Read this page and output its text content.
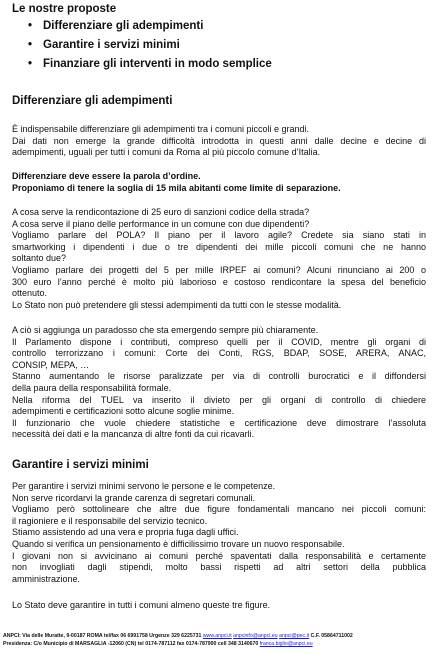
Le nostre proposte
• Differenziare gli adempimenti
• Garantire i servizi minimi
• Finanziare gli interventi in modo semplice
Differenziare gli adempimenti
È indispensabile differenziare gli adempimenti tra i comuni piccoli e grandi.
Dai dati non emerge la grande difficoltà introdotta in questi anni dalle decine e decine di
adempimenti, uguali per tutti i comuni da Roma al più piccolo comune d’Italia.
Differenziare deve essere la parola d’ordine.
Proponiamo di tenere la soglia di 15 mila abitanti come limite di separazione.
A cosa serve la rendicontazione di 25 euro di sanzioni codice della strada?
A cosa serve il piano delle performance in un comune con due dipendenti?
Vogliamo parlare del POLA? Il piano per il lavoro agile? Credete sia siano stati in
smartworking i dipendenti i due o tre dipendenti dei mille piccoli comuni che ne hanno
soltanto due?
Vogliamo parlare dei progetti del 5 per mille IRPEF ai comuni? Alcuni rinunciano ai 200 o
300 euro l’anno perché è molto più laborioso e costoso rendicontare la spesa del beneficio
ottenuto.
Lo Stato non può pretendere gli stessi adempimenti da tutti con le stesse modalità.
A ciò si aggiunga un paradosso che sta emergendo sempre più chiaramente.
Il Parlamento dispone i contributi, compreso quelli per il COVID, mentre gli organi di
controllo terrorizzano i comuni: Corte dei Conti, RGS, BDAP, SOSE, ARERA, ANAC,
CONSIP, MEPA, …
Stanno aumentando le risorse paralizzate per via di controlli burocratici e il diffondersi
della paura della responsabilità formale.
Nella riforma del TUEL va inserito il divieto per gli organi di controllo di chiedere
adempimenti e certificazioni sotto alcune soglie minime.
Il funzionario che vuole chiedere statistiche e certificazione deve dimostrare l’assoluta
necessità dei dati e la mancanza di altre fonti da cui ricavarli.
Garantire i servizi minimi
Per garantire i servizi minimi servono le persone e le competenze.
Non serve ricordarvi la grande carenza di segretari comunali.
Vogliamo però sottolineare che altre due figure fondamentali mancano nei piccoli comuni:
il ragioniere e il responsabile del servizio tecnico.
Stiamo assistendo ad una vera e propria fuga dagli uffici.
Quando si verifica un pensionamento è difficilissimo trovare un nuovo responsabile.
I giovani non si avvicinano ai comuni perché spaventati dalla responsabilità e certamente
non invogliati dagli stipendi, molto bassi rispetti ad altri settori della pubblica
amministrazione.
Lo Stato deve garantire in tutti i comuni almeno queste tre figure.
ANPCI: Via delle Muratte, 9-00187 ROMA tel/fax 06 6991758 Urgenze 329 6225731 www.anpci.it anpcinfo@anpci.eu anpci@pec.it C.F. 05864711002
Presidenza: C/o Municipio di MARSAGLIA -12060 (CN) tel 0174-787112 fax 0174-787900 cell 348 3140670 franca.biglio@anpci.eu
